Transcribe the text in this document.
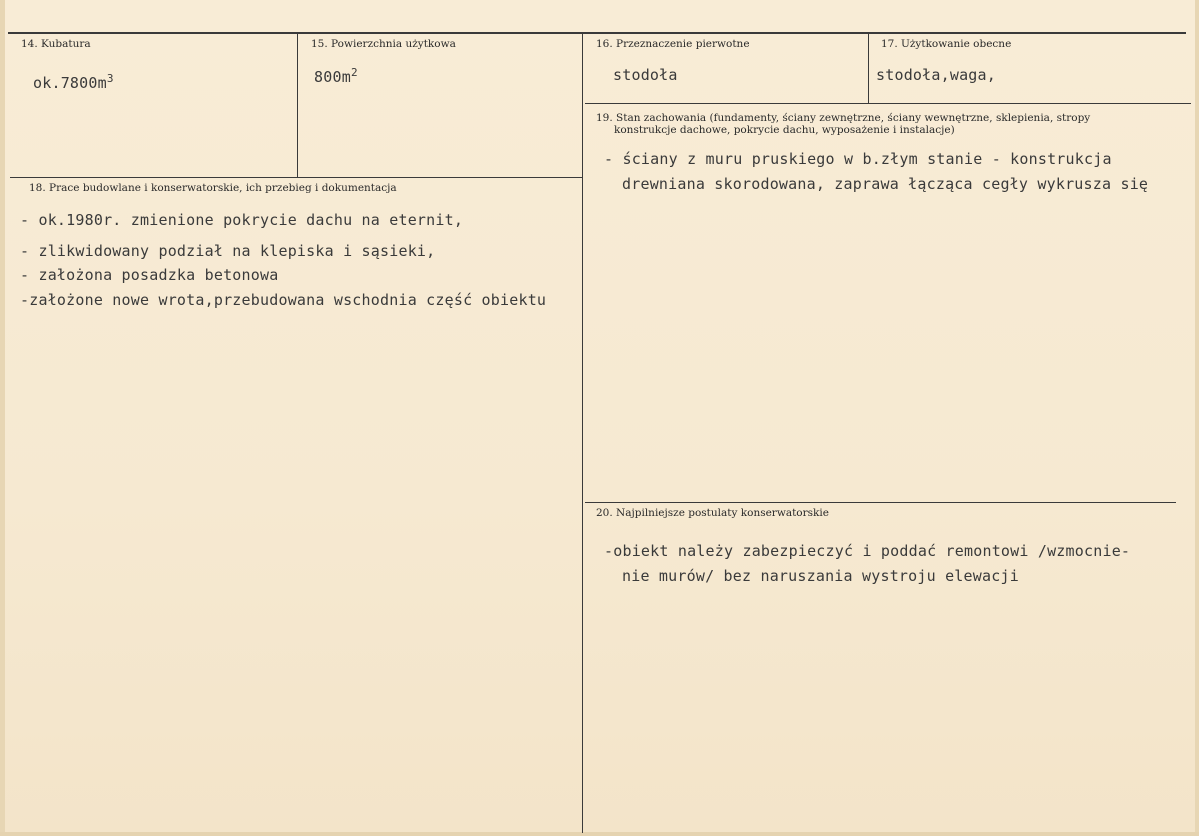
14. Kubatura
$ok.7800m^3$
15. Powierzchnia użytkowa
$800m^2$
16. Przeznaczenie pierwotne
stodoła
17. Użytkowanie obecne
stodoła,waga,
19. Stan zachowania (fundamenty, ściany zewnętrzne, ściany wewnętrzne, sklepienia, stropy
konstrukcje dachowe, pokrycie dachu, wyposażenie i instalacje)
- ściany z muru pruskiego w b.złym stanie - konstrukcja
drewniana skorodowana, zaprawa łącząca cegły wykrusza się
18. Prace budowlane i konserwatorskie, ich przebieg i dokumentacja
- ok.1980r. zmienione pokrycie dachu na eternit,
- zlikwidowany podział na klepiska i sąsieki,
- założona posadzka betonowa
-założone nowe wrota,przebudowana wschodnia część obiektu
20. Najpilniejsze postulaty konserwatorskie
-obiekt należy zabezpieczyć i poddać remontowi /wzmocnie-
nie murów/ bez naruszania wystroju elewacji
